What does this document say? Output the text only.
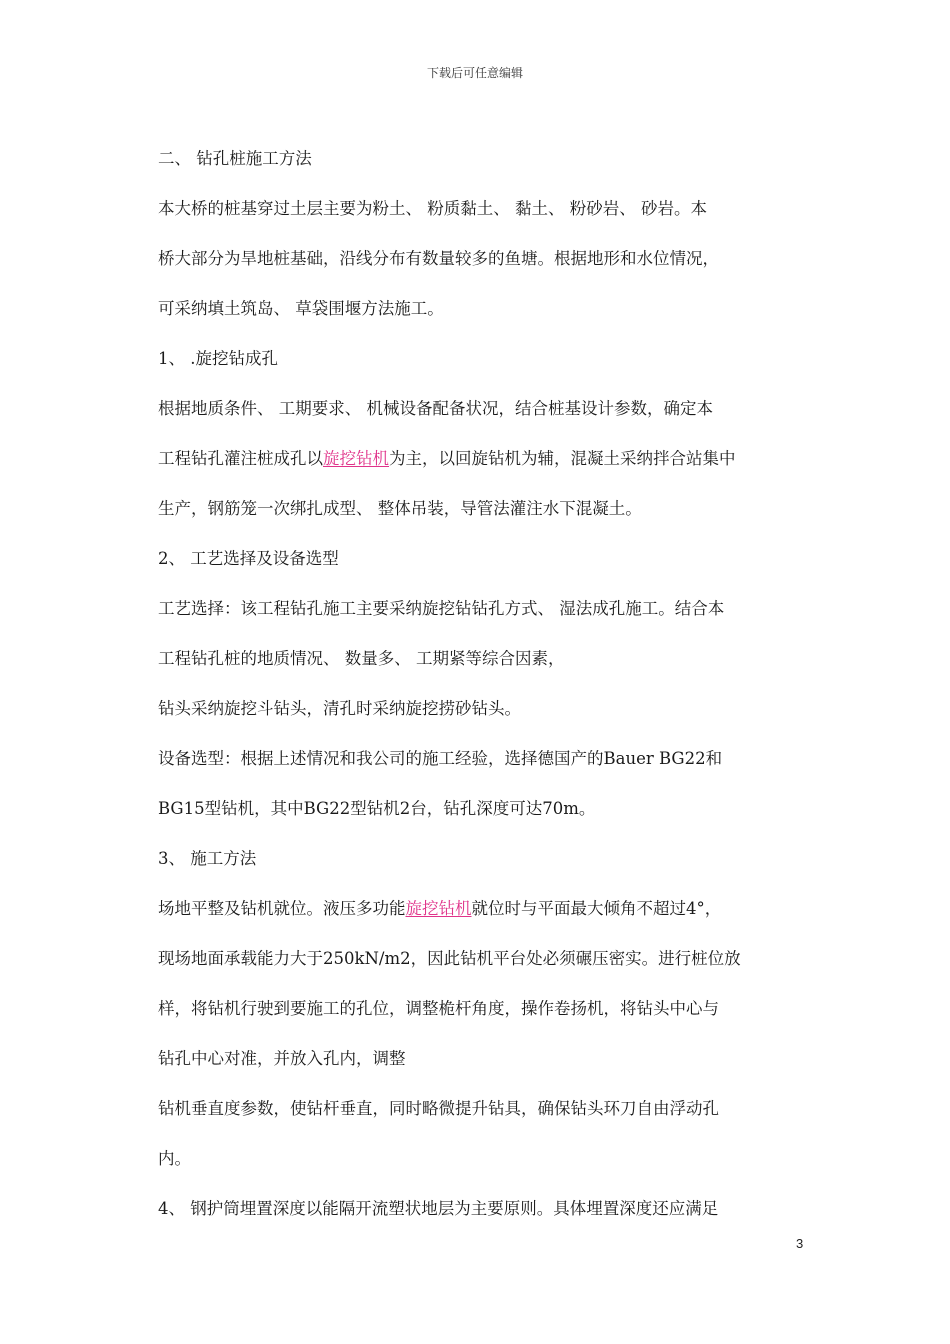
下载后可任意编辑
二、 钻孔桩施工方法
本大桥的桩基穿过土层主要为粉土、 粉质黏土、 黏土、 粉砂岩、 砂岩。本
桥大部分为旱地桩基础，沿线分布有数量较多的鱼塘。根据地形和水位情况，
可采纳填土筑岛、 草袋围堰方法施工。
1、 .旋挖钻成孔
根据地质条件、 工期要求、 机械设备配备状况，结合桩基设计参数，确定本
工程钻孔灌注桩成孔以旋挖钻机为主，以回旋钻机为辅，混凝土采纳拌合站集中
生产，钢筋笼一次绑扎成型、 整体吊装，导管法灌注水下混凝土。
2、 工艺选择及设备选型
工艺选择：该工程钻孔施工主要采纳旋挖钻钻孔方式、 湿法成孔施工。结合本
工程钻孔桩的地质情况、 数量多、 工期紧等综合因素，
钻头采纳旋挖斗钻头，清孔时采纳旋挖捞砂钻头。
设备选型：根据上述情况和我公司的施工经验，选择德国产的Bauer BG22和
BG15型钻机，其中BG22型钻机2台，钻孔深度可达70m。
3、 施工方法
场地平整及钻机就位。液压多功能旋挖钻机就位时与平面最大倾角不超过4°，
现场地面承载能力大于250kN/m2，因此钻机平台处必须碾压密实。进行桩位放
样，将钻机行驶到要施工的孔位，调整桅杆角度，操作卷扬机，将钻头中心与
钻孔中心对准，并放入孔内，调整
钻机垂直度参数，使钻杆垂直，同时略微提升钻具，确保钻头环刀自由浮动孔
内。
4、 钢护筒埋置深度以能隔开流塑状地层为主要原则。具体埋置深度还应满足
3
